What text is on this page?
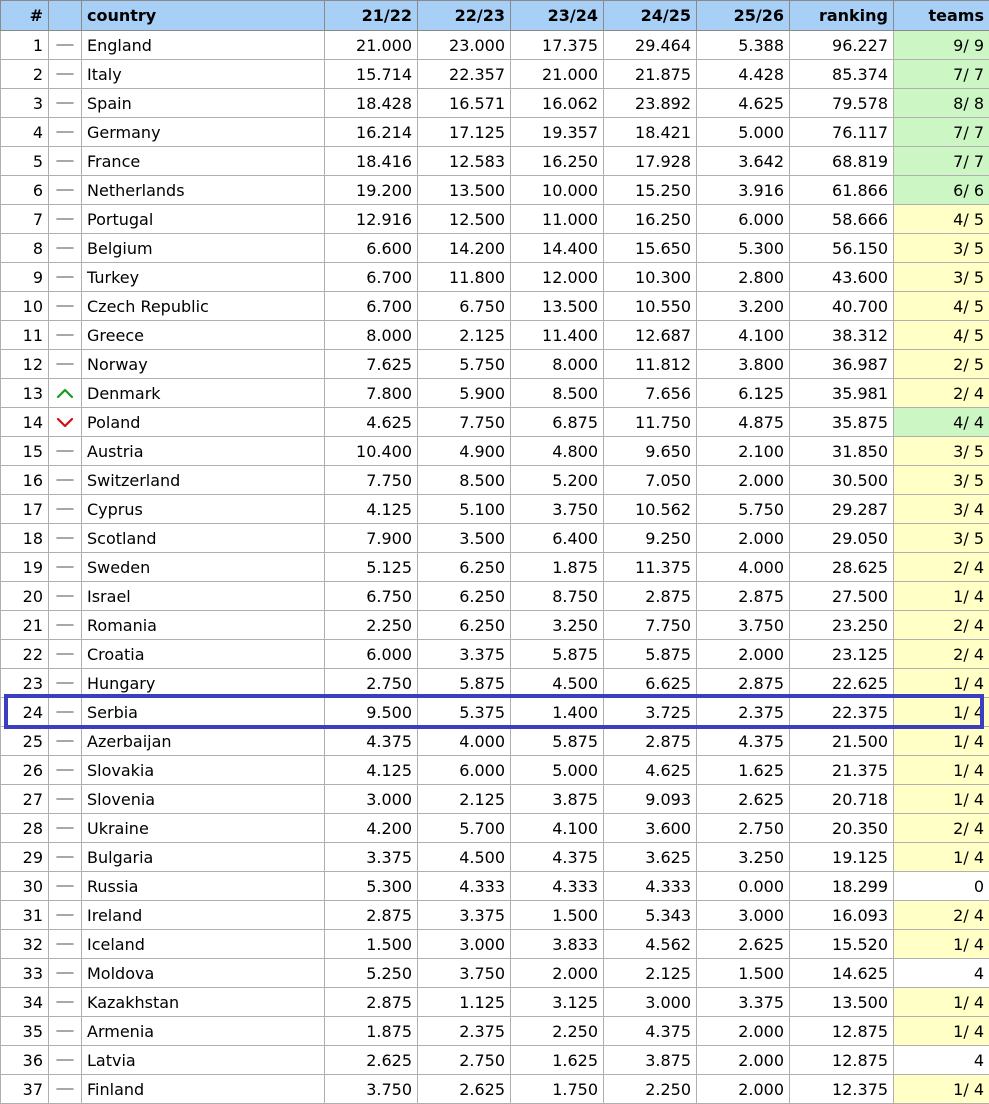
#		country	21/22	22/23	23/24	24/25	25/26	ranking	teams
1		England	21.000	23.000	17.375	29.464	5.388	96.227	9/ 9
2		Italy	15.714	22.357	21.000	21.875	4.428	85.374	7/ 7
3		Spain	18.428	16.571	16.062	23.892	4.625	79.578	8/ 8
4		Germany	16.214	17.125	19.357	18.421	5.000	76.117	7/ 7
5		France	18.416	12.583	16.250	17.928	3.642	68.819	7/ 7
6		Netherlands	19.200	13.500	10.000	15.250	3.916	61.866	6/ 6
7		Portugal	12.916	12.500	11.000	16.250	6.000	58.666	4/ 5
8		Belgium	6.600	14.200	14.400	15.650	5.300	56.150	3/ 5
9		Turkey	6.700	11.800	12.000	10.300	2.800	43.600	3/ 5
10		Czech Republic	6.700	6.750	13.500	10.550	3.200	40.700	4/ 5
11		Greece	8.000	2.125	11.400	12.687	4.100	38.312	4/ 5
12		Norway	7.625	5.750	8.000	11.812	3.800	36.987	2/ 5
13		Denmark	7.800	5.900	8.500	7.656	6.125	35.981	2/ 4
14		Poland	4.625	7.750	6.875	11.750	4.875	35.875	4/ 4
15		Austria	10.400	4.900	4.800	9.650	2.100	31.850	3/ 5
16		Switzerland	7.750	8.500	5.200	7.050	2.000	30.500	3/ 5
17		Cyprus	4.125	5.100	3.750	10.562	5.750	29.287	3/ 4
18		Scotland	7.900	3.500	6.400	9.250	2.000	29.050	3/ 5
19		Sweden	5.125	6.250	1.875	11.375	4.000	28.625	2/ 4
20		Israel	6.750	6.250	8.750	2.875	2.875	27.500	1/ 4
21		Romania	2.250	6.250	3.250	7.750	3.750	23.250	2/ 4
22		Croatia	6.000	3.375	5.875	5.875	2.000	23.125	2/ 4
23		Hungary	2.750	5.875	4.500	6.625	2.875	22.625	1/ 4
24		Serbia	9.500	5.375	1.400	3.725	2.375	22.375	1/ 4
25		Azerbaijan	4.375	4.000	5.875	2.875	4.375	21.500	1/ 4
26		Slovakia	4.125	6.000	5.000	4.625	1.625	21.375	1/ 4
27		Slovenia	3.000	2.125	3.875	9.093	2.625	20.718	1/ 4
28		Ukraine	4.200	5.700	4.100	3.600	2.750	20.350	2/ 4
29		Bulgaria	3.375	4.500	4.375	3.625	3.250	19.125	1/ 4
30		Russia	5.300	4.333	4.333	4.333	0.000	18.299	0
31		Ireland	2.875	3.375	1.500	5.343	3.000	16.093	2/ 4
32		Iceland	1.500	3.000	3.833	4.562	2.625	15.520	1/ 4
33		Moldova	5.250	3.750	2.000	2.125	1.500	14.625	4
34		Kazakhstan	2.875	1.125	3.125	3.000	3.375	13.500	1/ 4
35		Armenia	1.875	2.375	2.250	4.375	2.000	12.875	1/ 4
36		Latvia	2.625	2.750	1.625	3.875	2.000	12.875	4
37		Finland	3.750	2.625	1.750	2.250	2.000	12.375	1/ 4
